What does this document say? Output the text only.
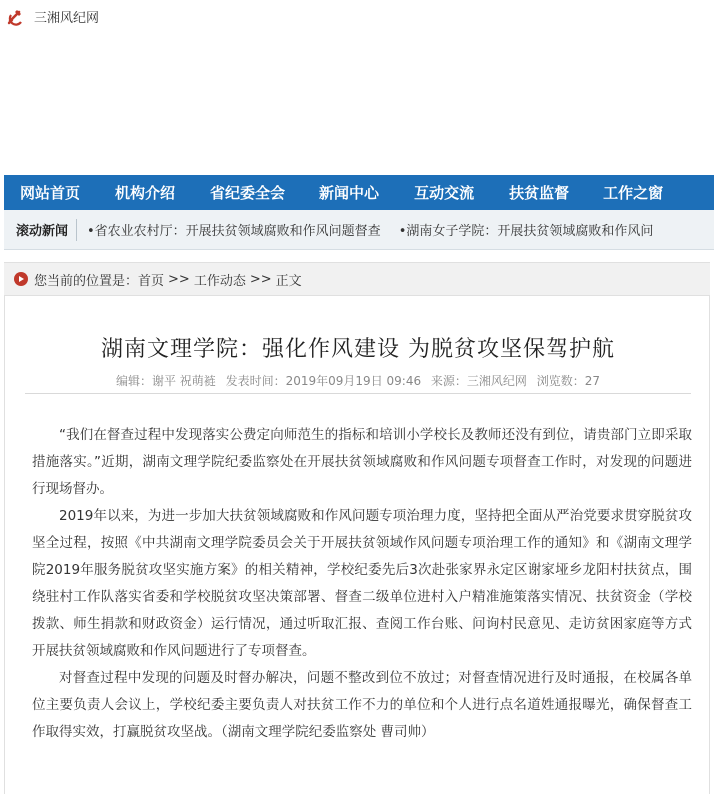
三湘风纪网
网站首页 机构介绍 省纪委全会 新闻中心 互动交流 扶贫监督 工作之窗
滚动新闻 •省农业农村厅：开展扶贫领域腐败和作风问题督查 •湖南女子学院：开展扶贫领域腐败和作风问
您当前的位置是： 首页 >> 工作动态 >> 正文
湖南文理学院：强化作风建设 为脱贫攻坚保驾护航
编辑：谢平 祝萌裢 发表时间：2019年09月19日 09:46 来源：三湘风纪网 浏览数：27

“我们在督查过程中发现落实公费定向师范生的指标和培训小学校长及教师还没有到位，请贵部门立即采取措施落实。”近期，湖南文理学院纪委监察处在开展扶贫领域腐败和作风问题专项督查工作时，对发现的问题进行现场督办。

2019年以来，为进一步加大扶贫领域腐败和作风问题专项治理力度，坚持把全面从严治党要求贯穿脱贫攻坚全过程，按照《中共湖南文理学院委员会关于开展扶贫领域作风问题专项治理工作的通知》和《湖南文理学院2019年服务脱贫攻坚实施方案》的相关精神，学校纪委先后3次赴张家界永定区谢家垭乡龙阳村扶贫点，围绕驻村工作队落实省委和学校脱贫攻坚决策部署、督查二级单位进村入户精准施策落实情况、扶贫资金（学校拨款、师生捐款和财政资金）运行情况，通过听取汇报、查阅工作台账、问询村民意见、走访贫困家庭等方式开展扶贫领域腐败和作风问题进行了专项督查。

对督查过程中发现的问题及时督办解决，问题不整改到位不放过；对督查情况进行及时通报，在校属各单位主要负责人会议上，学校纪委主要负责人对扶贫工作不力的单位和个人进行点名道姓通报曝光，确保督查工作取得实效，打赢脱贫攻坚战。（湖南文理学院纪委监察处 曹司帅）
